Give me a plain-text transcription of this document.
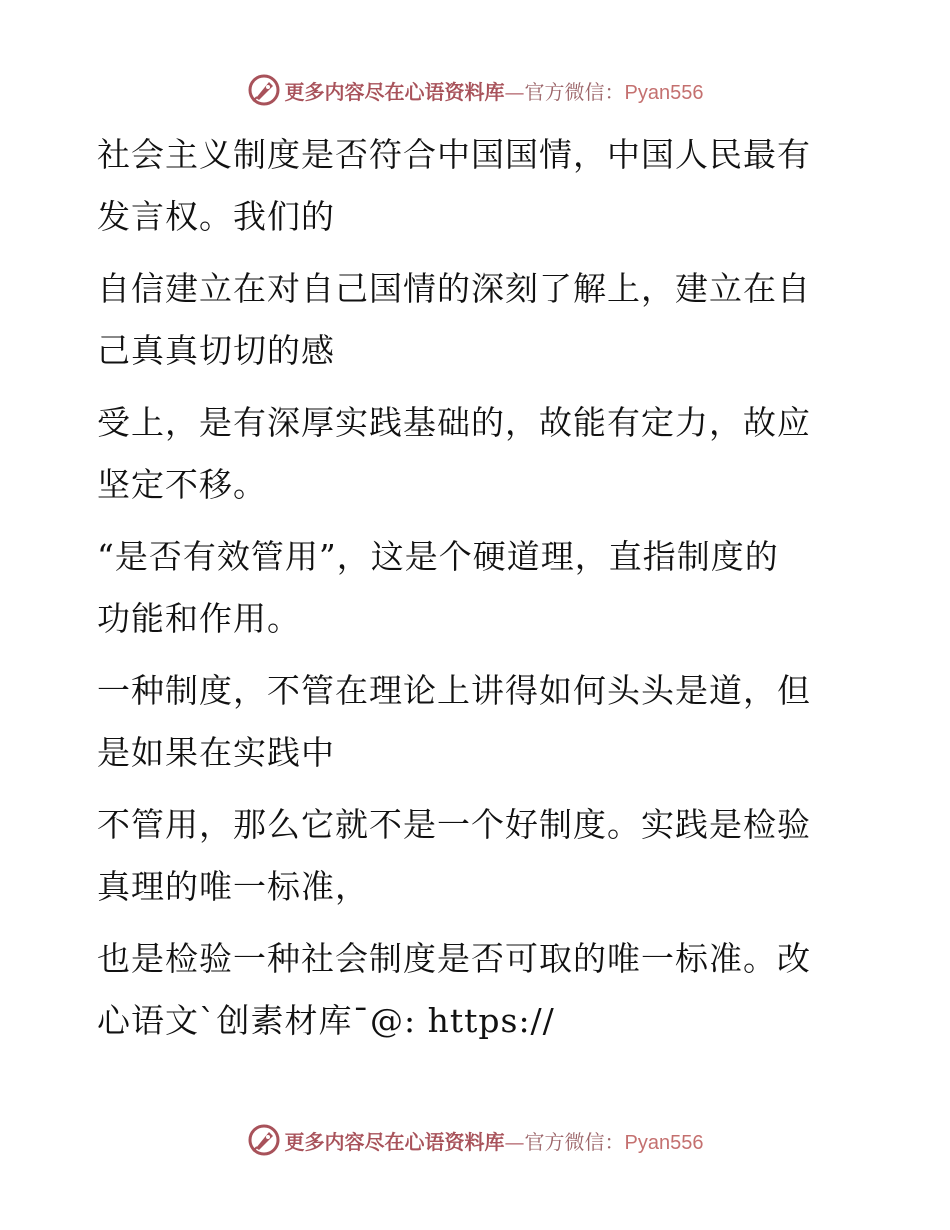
更多内容尽在心语资料库—官方微信：Pyan556

社会主义制度是否符合中国国情，中国人民最有
发言权。我们的

自信建立在对自己国情的深刻了解上，建立在自
己真真切切的感

受上，是有深厚实践基础的，故能有定力，故应
坚定不移。

“是否有效管用”，这是个硬道理，直指制度的
功能和作用。

一种制度，不管在理论上讲得如何头头是道，但
是如果在实践中

不管用，那么它就不是一个好制度。实践是检验
真理的唯一标准，

也是检验一种社会制度是否可取的唯一标准。改
心语文`创素材库¯@: https://

更多内容尽在心语资料库—官方微信：Pyan556
